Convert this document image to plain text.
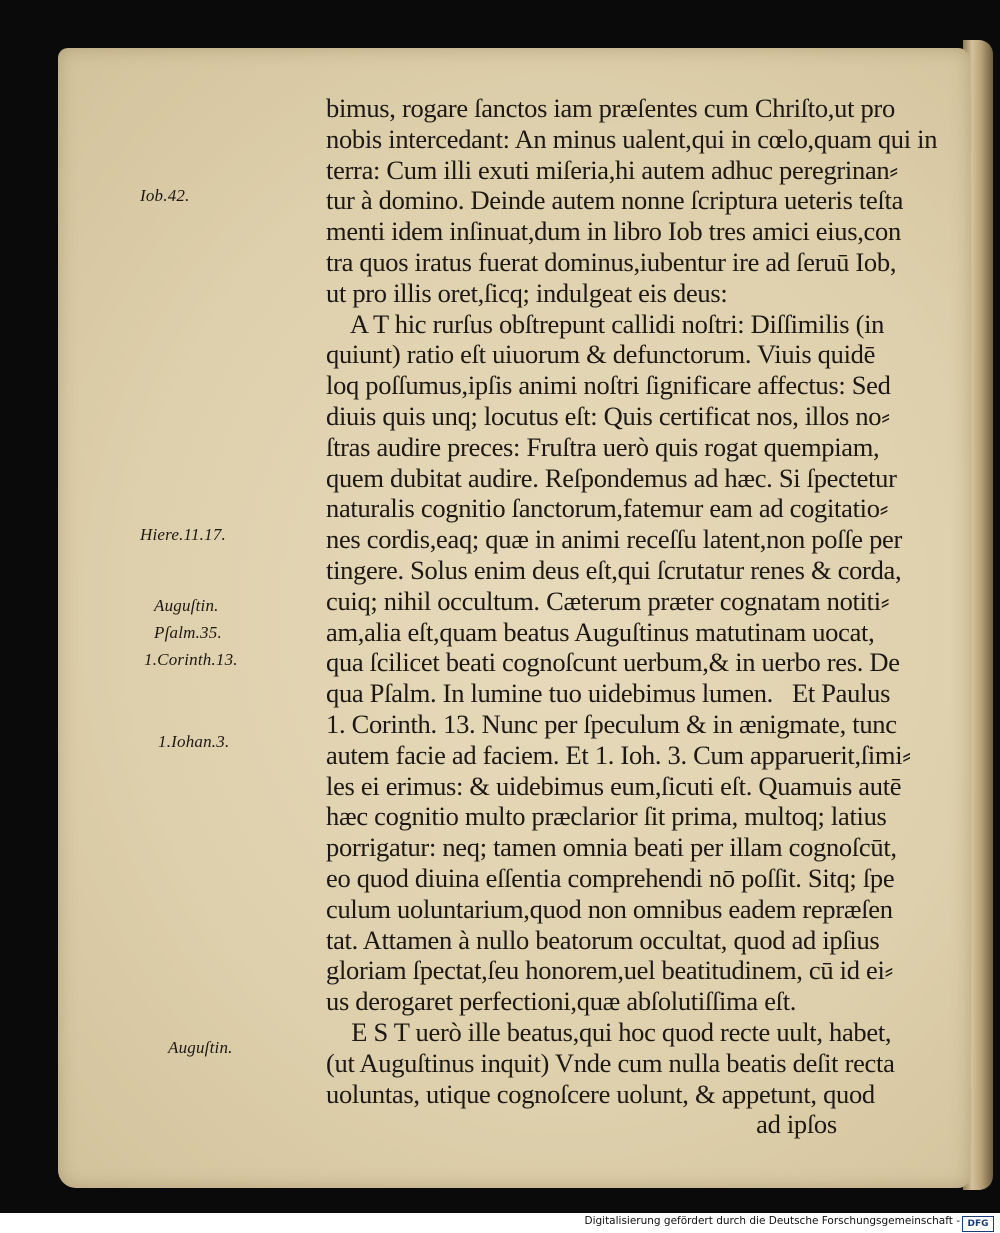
bimus, rogare ſanctos iam præſentes cum Chriſto,ut pro
nobis intercedant: An minus ualent,qui in cœlo,quam qui in
terra: Cum illi exuti miſeria,hi autem adhuc peregrinan⸗
tur à domino. Deinde autem nonne ſcriptura ueteris teſta
menti idem inſinuat,dum in libro Iob tres amici eius,con
tra quos iratus fuerat dominus,iubentur ire ad ſeruū Iob,
ut pro illis oret,ſicq; indulgeat eis deus:
A T hic rurſus obſtrepunt callidi noſtri: Diſſimilis (in
quiunt) ratio eſt uiuorum & defunctorum. Viuis quidē
loq poſſumus,ipſis animi noſtri ſignificare affectus: Sed
diuis quis unq; locutus eſt: Quis certificat nos, illos no⸗
ſtras audire preces: Fruſtra uerò quis rogat quempiam,
quem dubitat audire. Reſpondemus ad hæc. Si ſpectetur
naturalis cognitio ſanctorum,fatemur eam ad cogitatio⸗
nes cordis,eaq; quæ in animi receſſu latent,non poſſe per
tingere. Solus enim deus eſt,qui ſcrutatur renes & corda,
cuiq; nihil occultum. Cæterum præter cognatam notiti⸗
am,alia eſt,quam beatus Auguſtinus matutinam uocat,
qua ſcilicet beati cognoſcunt uerbum,& in uerbo res. De
qua Pſalm. In lumine tuo uidebimus lumen.   Et Paulus
1. Corinth. 13. Nunc per ſpeculum & in ænigmate, tunc
autem facie ad faciem. Et 1. Ioh. 3. Cum apparuerit,ſimi⸗
les ei erimus: & uidebimus eum,ſicuti eſt. Quamuis autē
hæc cognitio multo præclarior ſit prima, multoq; latius
porrigatur: neq; tamen omnia beati per illam cognoſcūt,
eo quod diuina eſſentia comprehendi nō poſſit. Sitq; ſpe
culum uoluntarium,quod non omnibus eadem repræſen
tat. Attamen à nullo beatorum occultat, quod ad ipſius
gloriam ſpectat,ſeu honorem,uel beatitudinem, cū id ei⸗
us derogaret perfectioni,quæ abſolutiſſima eſt.
E S T uerò ille beatus,qui hoc quod recte uult, habet,
(ut Auguſtinus inquit) Vnde cum nulla beatis deſit recta
uoluntas, utique cognoſcere uolunt, & appetunt, quod
ad ipſos
Iob.42.
Hiere.11.17.
Auguſtin.
Pſalm.35.
1.Corinth.13.
1.Iohan.3.
Auguſtin.
Digitalisierung gefördert durch die Deutsche Forschungsgemeinschaft - DFG
